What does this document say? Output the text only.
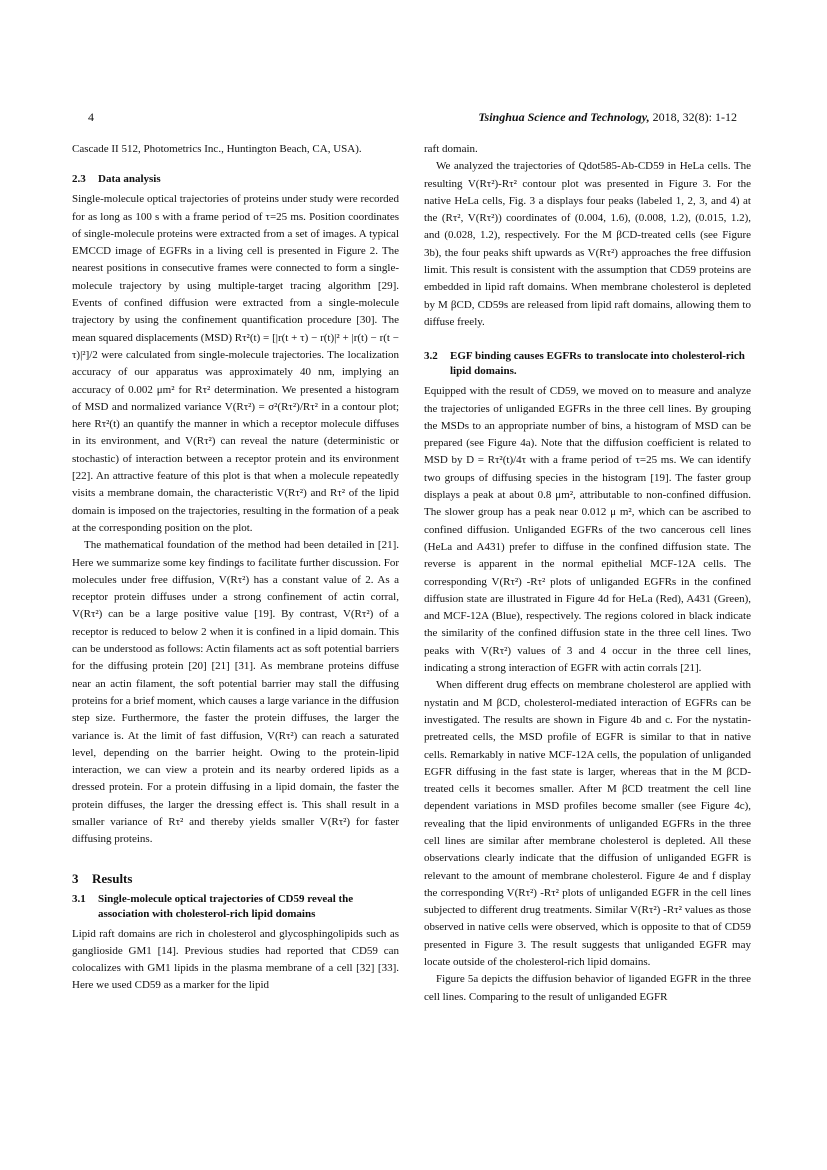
4	Tsinghua Science and Technology, 2018, 32(8): 1-12

Cascade II 512, Photometrics Inc., Huntington Beach, CA, USA).

2.3	Data analysis

Single-molecule optical trajectories of proteins under study were recorded for as long as 100 s with a frame period of τ=25 ms. Position coordinates of single-molecule proteins were extracted from a set of images. A typical EMCCD image of EGFRs in a living cell is presented in Figure 2. The nearest positions in consecutive frames were connected to form a single-molecule trajectory by using multiple-target tracing algorithm [29]. Events of confined diffusion were extracted from a single-molecule trajectory by using the confinement quantification procedure [30]. The mean squared displacements (MSD) Rτ²(t) = [|r(t + τ) − r(t)|² + |r(t) − r(t − τ)|²]/2 were calculated from single-molecule trajectories. The localization accuracy of our apparatus was approximately 40 nm, implying an accuracy of 0.002 μm² for Rτ² determination. We presented a histogram of MSD and normalized variance V(Rτ²) = σ²(Rτ²)/Rτ² in a contour plot; here Rτ²(t) an quantify the manner in which a receptor molecule diffuses in its environment, and V(Rτ²) can reveal the nature (deterministic or stochastic) of interaction between a receptor protein and its environment [22]. An attractive feature of this plot is that when a molecule repeatedly visits a membrane domain, the characteristic V(Rτ²) and Rτ² of the lipid domain is imposed on the trajectories, resulting in the formation of a peak at the corresponding position on the plot.

The mathematical foundation of the method had been detailed in [21]. Here we summarize some key findings to facilitate further discussion. For molecules under free diffusion, V(Rτ²) has a constant value of 2. As a receptor protein diffuses under a strong confinement of actin corral, V(Rτ²) can be a large positive value [19]. By contrast, V(Rτ²) of a receptor is reduced to below 2 when it is confined in a lipid domain. This can be understood as follows: Actin filaments act as soft potential barriers for the diffusing protein [20] [21] [31]. As membrane proteins diffuse near an actin filament, the soft potential barrier may stall the diffusing proteins for a brief moment, which causes a large variance in the diffusion step size. Furthermore, the faster the protein diffuses, the larger the variance is. At the limit of fast diffusion, V(Rτ²) can reach a saturated level, depending on the barrier height. Owing to the protein-lipid interaction, we can view a protein and its nearby ordered lipids as a dressed protein. For a protein diffusing in a lipid domain, the faster the protein diffuses, the larger the dressing effect is. This shall result in a smaller variance of Rτ² and thereby yields smaller V(Rτ²) for faster diffusing proteins.

3	Results
3.1	Single-molecule optical trajectories of CD59 reveal the association with cholesterol-rich lipid domains

Lipid raft domains are rich in cholesterol and glycosphingolipids such as ganglioside GM1 [14]. Previous studies had reported that CD59 can colocalizes with GM1 lipids in the plasma membrane of a cell [32] [33]. Here we used CD59 as a marker for the lipid

raft domain.

We analyzed the trajectories of Qdot585-Ab-CD59 in HeLa cells. The resulting V(Rτ²)-Rτ² contour plot was presented in Figure 3. For the native HeLa cells, Fig. 3 a displays four peaks (labeled 1, 2, 3, and 4) at the (Rτ², V(Rτ²)) coordinates of (0.004, 1.6), (0.008, 1.2), (0.015, 1.2), and (0.028, 1.2), respectively. For the M βCD-treated cells (see Figure 3b), the four peaks shift upwards as V(Rτ²) approaches the free diffusion limit. This result is consistent with the assumption that CD59 proteins are embedded in lipid raft domains. When membrane cholesterol is depleted by M βCD, CD59s are released from lipid raft domains, allowing them to diffuse freely.

3.2	EGF binding causes EGFRs to translocate into cholesterol-rich lipid domains.

Equipped with the result of CD59, we moved on to measure and analyze the trajectories of unliganded EGFRs in the three cell lines. By grouping the MSDs to an appropriate number of bins, a histogram of MSD can be prepared (see Figure 4a). Note that the diffusion coefficient is related to MSD by D = Rτ²(t)/4τ with a frame period of τ=25 ms. We can identify two groups of diffusing species in the histogram [19]. The faster group displays a peak at about 0.8 μm², attributable to non-confined diffusion. The slower group has a peak near 0.012 μ m², which can be ascribed to confined diffusion. Unliganded EGFRs of the two cancerous cell lines (HeLa and A431) prefer to diffuse in the confined diffusion state. The reverse is apparent in the normal epithelial MCF-12A cells. The corresponding V(Rτ²) -Rτ² plots of unliganded EGFRs in the confined diffusion state are illustrated in Figure 4d for HeLa (Red), A431 (Green), and MCF-12A (Blue), respectively. The regions colored in black indicate the similarity of the confined diffusion state in the three cell lines. Two peaks with V(Rτ²) values of 3 and 4 occur in the three cell lines, indicating a strong interaction of EGFR with actin corrals [21].

When different drug effects on membrane cholesterol are applied with nystatin and M βCD, cholesterol-mediated interaction of EGFRs can be investigated. The results are shown in Figure 4b and c. For the nystatin-pretreated cells, the MSD profile of EGFR is similar to that in native cells. Remarkably in native MCF-12A cells, the population of unliganded EGFR diffusing in the fast state is larger, whereas that in the M βCD-treated cells it becomes smaller. After M βCD treatment the cell line dependent variations in MSD profiles become smaller (see Figure 4c), revealing that the lipid environments of unliganded EGFRs in the three cell lines are similar after membrane cholesterol is depleted. All these observations clearly indicate that the diffusion of unliganded EGFR is relevant to the amount of membrane cholesterol. Figure 4e and f display the corresponding V(Rτ²) -Rτ² plots of unliganded EGFR in the cell lines subjected to different drug treatments. Similar V(Rτ²) -Rτ² values as those observed in native cells were observed, which is opposite to that of CD59 presented in Figure 3. The result suggests that unliganded EGFR may locate outside of the cholesterol-rich lipid domains.

Figure 5a depicts the diffusion behavior of liganded EGFR in the three cell lines. Comparing to the result of unliganded EGFR
